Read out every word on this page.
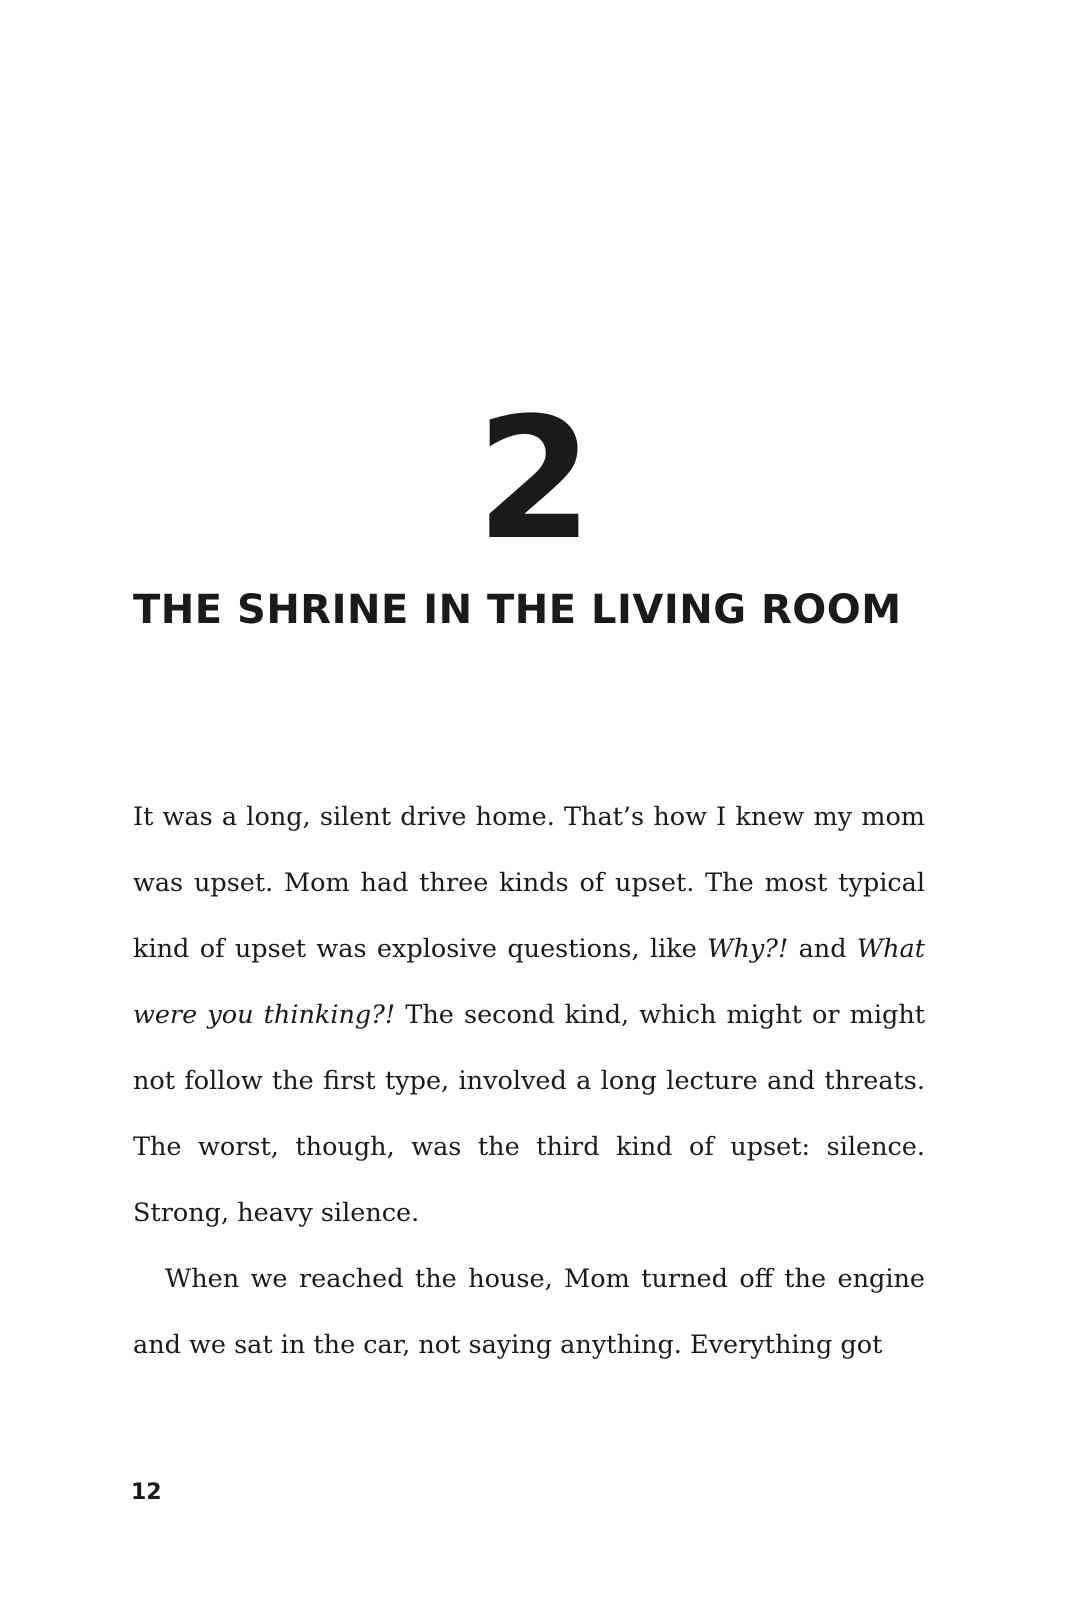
2
THE SHRINE IN THE LIVING ROOM

It was a long, silent drive home. That’s how I knew my mom was upset. Mom had three kinds of upset. The most typical kind of upset was explosive questions, like Why?! and What were you thinking?! The second kind, which might or might not follow the first type, involved a long lecture and threats. The worst, though, was the third kind of upset: silence. Strong, heavy silence.

When we reached the house, Mom turned off the engine and we sat in the car, not saying anything. Everything got

12
